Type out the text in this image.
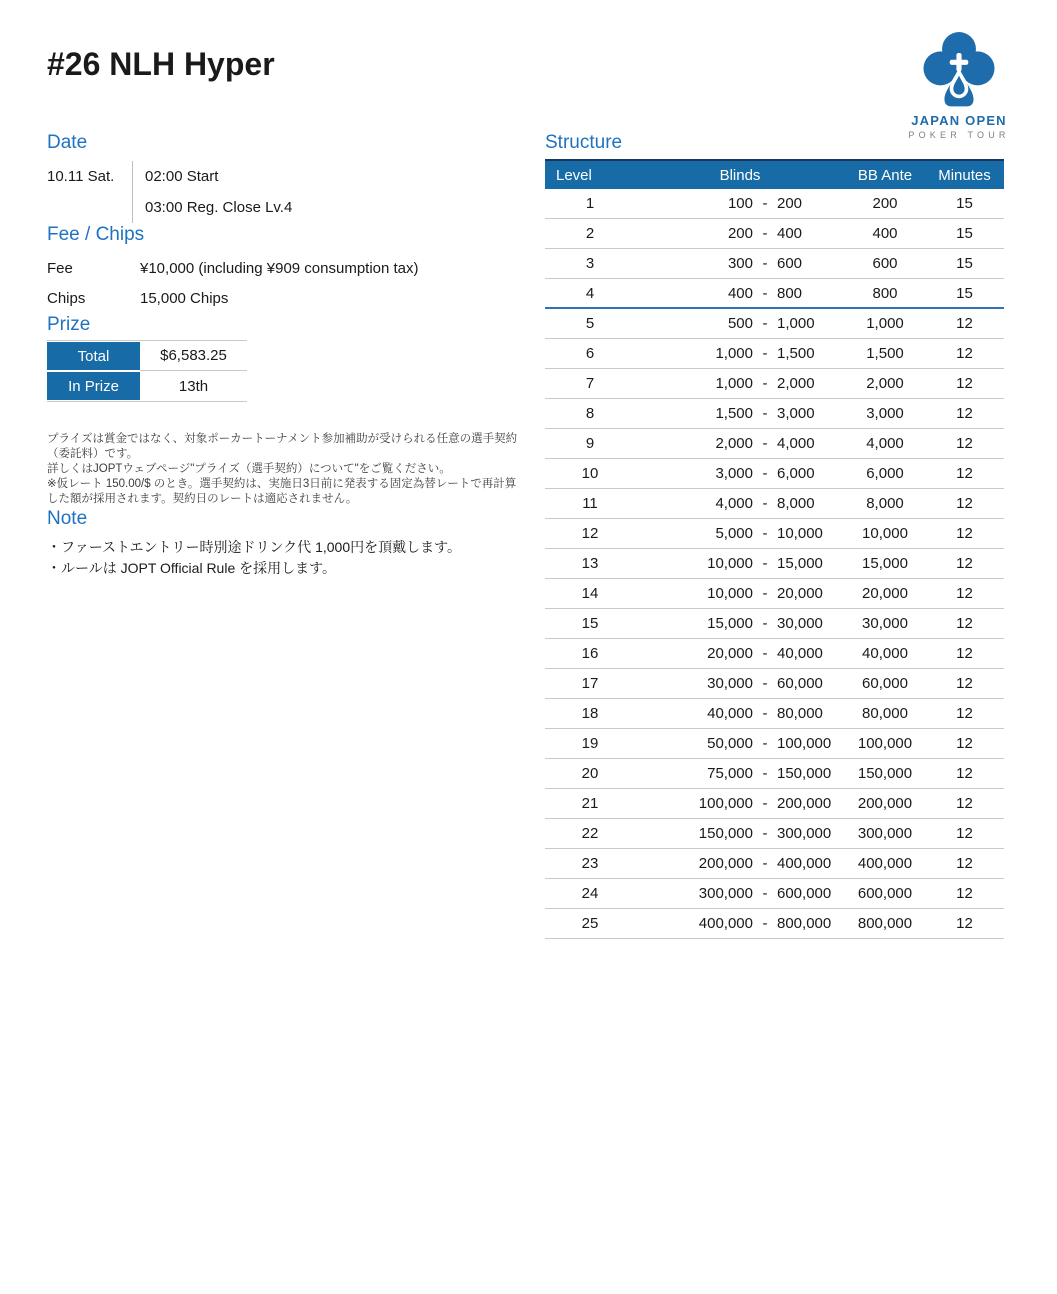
#26 NLH Hyper
JAPAN OPEN
POKER TOUR
Date
10.11 Sat.	02:00 Start
03:00 Reg. Close Lv.4
Fee / Chips
Fee	¥10,000 (including ¥909 consumption tax)
Chips	15,000 Chips
Prize
Total	$6,583.25
In Prize	13th

プライズは賞金ではなく、対象ポーカートーナメント参加補助が受けられる任意の選手契約（委託料）です。

詳しくはJOPTウェブページ"プライズ（選手契約）について"をご覧ください。

※仮レート 150.00/$ のとき。選手契約は、実施日3日前に発表する固定為替レートで再計算した額が採用されます。契約日のレートは適応されません。

Note
・ファーストエントリー時別途ドリンク代 1,000円を頂戴します。
・ルールは JOPT Official Rule を採用します。
Structure
Level	Blinds	BB Ante	Minutes
1	100 - 200	200	15
2	200 - 400	400	15
3	300 - 600	600	15
4	400 - 800	800	15
5	500 - 1,000	1,000	12
6	1,000 - 1,500	1,500	12
7	1,000 - 2,000	2,000	12
8	1,500 - 3,000	3,000	12
9	2,000 - 4,000	4,000	12
10	3,000 - 6,000	6,000	12
11	4,000 - 8,000	8,000	12
12	5,000 - 10,000	10,000	12
13	10,000 - 15,000	15,000	12
14	10,000 - 20,000	20,000	12
15	15,000 - 30,000	30,000	12
16	20,000 - 40,000	40,000	12
17	30,000 - 60,000	60,000	12
18	40,000 - 80,000	80,000	12
19	50,000 - 100,000	100,000	12
20	75,000 - 150,000	150,000	12
21	100,000 - 200,000	200,000	12
22	150,000 - 300,000	300,000	12
23	200,000 - 400,000	400,000	12
24	300,000 - 600,000	600,000	12
25	400,000 - 800,000	800,000	12
